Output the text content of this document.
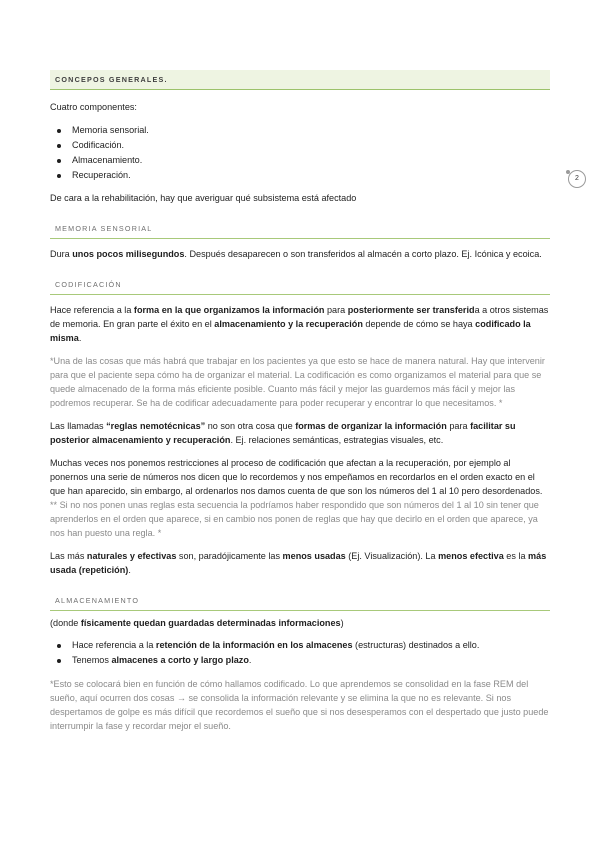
2
CONCEPOS GENERALES.

Cuatro componentes:

Memoria sensorial.
Codificación.
Almacenamiento.
Recuperación.

De cara a la rehabilitación, hay que averiguar qué subsistema está afectado

MEMORIA SENSORIAL

Dura unos pocos milisegundos. Después desaparecen o son transferidos al almacén a corto plazo. Ej. Icónica y ecoica.

CODIFICACIÓN

Hace referencia a la forma en la que organizamos la información para posteriormente ser transferida a otros sistemas de memoria. En gran parte el éxito en el almacenamiento y la recuperación depende de cómo se haya codificado la misma.

*Una de las cosas que más habrá que trabajar en los pacientes ya que esto se hace de manera natural. Hay que intervenir para que el paciente sepa cómo ha de organizar el material. La codificación es como organizamos el material para que se quede almacenado de la forma más eficiente posible. Cuanto más fácil y mejor las guardemos más fácil y mejor las podremos recuperar. Se ha de codificar adecuadamente para poder recuperar y encontrar lo que necesitamos. *

Las llamadas “reglas nemotécnicas” no son otra cosa que formas de organizar la información para facilitar su posterior almacenamiento y recuperación. Ej. relaciones semánticas, estrategias visuales, etc.

Muchas veces nos ponemos restricciones al proceso de codificación que afectan a la recuperación, por ejemplo al ponernos una serie de números nos dicen que lo recordemos y nos empeñamos en recordarlos en el orden exacto en el que han aparecido, sin embargo, al ordenarlos nos damos cuenta de que son los números del 1 al 10 pero desordenados. ** Si no nos ponen unas reglas esta secuencia la podríamos haber respondido que son números del 1 al 10 sin tener que aprenderlos en el orden que aparece, si en cambio nos ponen de reglas que hay que decirlo en el orden que aparece, ya nos han puesto una regla. *

Las más naturales y efectivas son, paradójicamente las menos usadas (Ej. Visualización). La menos efectiva es la más usada (repetición).

ALMACENAMIENTO

(donde físicamente quedan guardadas determinadas informaciones)

Hace referencia a la retención de la información en los almacenes (estructuras) destinados a ello.
Tenemos almacenes a corto y largo plazo.

*Esto se colocará bien en función de cómo hallamos codificado. Lo que aprendemos se consolidad en la fase REM del sueño, aquí ocurren dos cosas → se consolida la información relevante y se elimina la que no es relevante. Si nos despertamos de golpe es más difícil que recordemos el sueño que si nos desesperamos con el despertado que justo puede interrumpir la fase y recordar mejor el sueño.
